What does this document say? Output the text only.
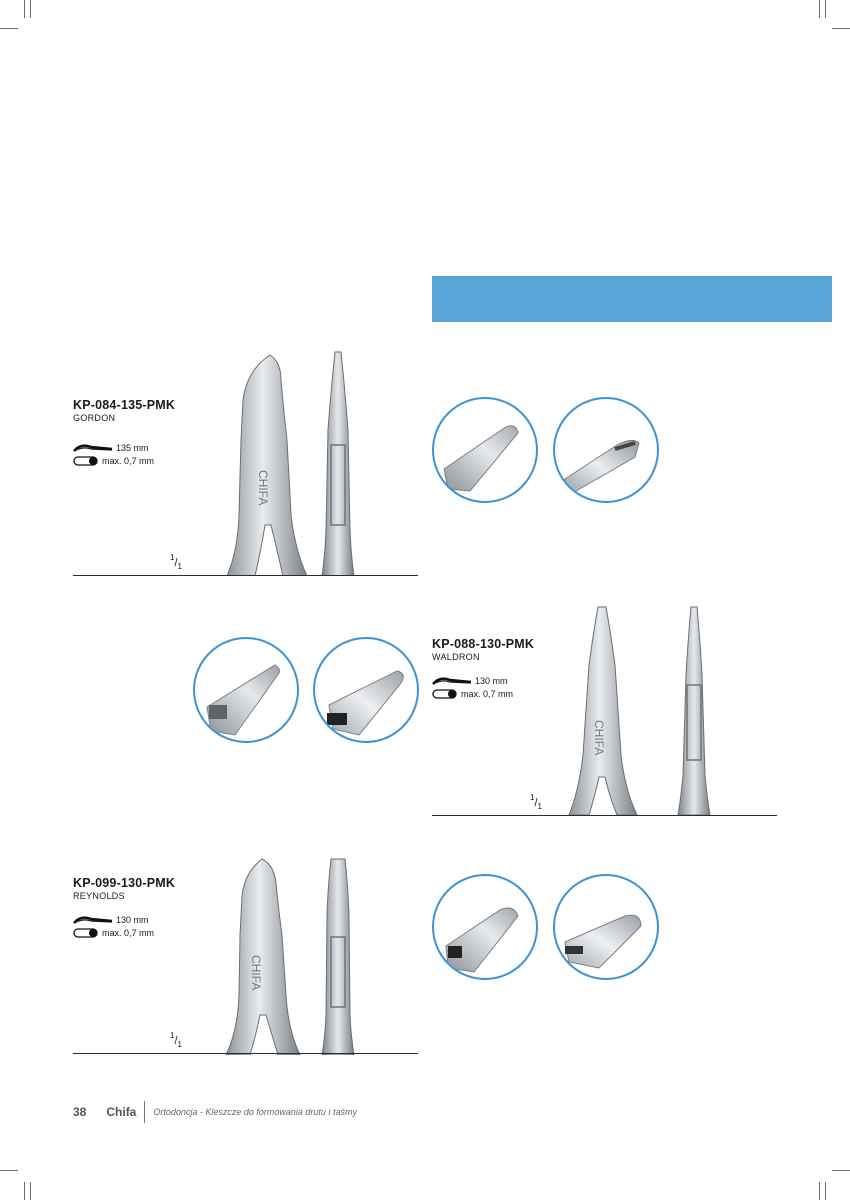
KP-084-135-PMK
GORDON
135 mm
max. 0,7 mm
CHIFA
$^1/_1$
KP-088-130-PMK
WALDRON
130 mm
max. 0,7 mm
CHIFA
$^1/_1$
KP-099-130-PMK
REYNOLDS
130 mm
max. 0,7 mm
CHIFA
$^1/_1$
38 Chifa Ortodoncja - Kleszcze do formowania drutu i taśmy
